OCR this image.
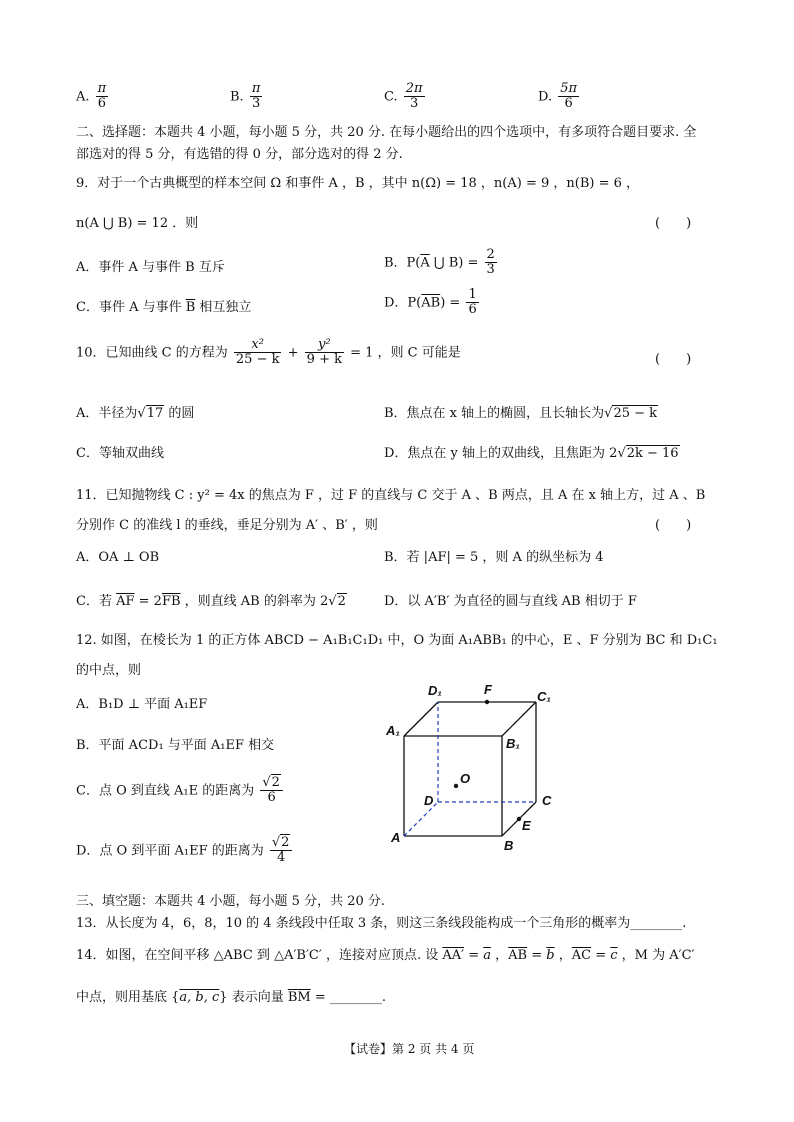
A. $\frac{\pi}{6}$	B. $\frac{\pi}{3}$	C. $\frac{2\pi}{3}$	D. $\frac{5\pi}{6}$
二、选择题：本题共 4 小题，每小题 5 分，共 20 分. 在每小题给出的四个选项中，有多项符合题目要求. 全
部选对的得 5 分，有选错的得 0 分，部分选对的得 2 分.
9．对于一个古典概型的样本空间 Ω 和事件 A ，B ，其中 n(Ω) = 18 ，n(A) = 9 ，n(B) = 6 ，
n(A ⋃ B) = 12 ．则	(　　)
A．事件 A 与事件 B 互斥	B．$P(\overline{A}$ ⋃ $B) = \frac{2}{3}$
C．事件 A 与事件 $\overline{B}$ 相互独立	D．$P(\overline{AB}) = \frac{1}{6}$
10．已知曲线 C 的方程为 $\frac{\text{x²}}{25 - k} + \frac{\text{y²}}{9 + k} = 1$ ，则 C 可能是	(　　)
A．半径为√17 的圆	B．焦点在 x 轴上的椭圆，且长轴长为√25 − k
C．等轴双曲线	D．焦点在 y 轴上的双曲线，且焦距为 2√2k − 16
11．已知抛物线 C : y² = 4x 的焦点为 F ，过 F 的直线与 C 交于 A 、B 两点，且 A 在 x 轴上方，过 A 、B
分别作 C 的准线 l 的垂线，垂足分别为 A′ 、B′ ，则	(　　)
A．OA ⊥ OB	B．若 |AF| = 5 ，则 A 的纵坐标为 4
C．若 $\overline{AF} = 2\overline{FB}$ ，则直线 AB 的斜率为 2√2	D．以 A′B′ 为直径的圆与直线 AB 相切于 F
12. 如图，在棱长为 1 的正方体 ABCD − A₁B₁C₁D₁ 中，O 为面 A₁ABB₁ 的中心，E 、F 分别为 BC 和 D₁C₁
的中点，则
A．B₁D ⊥ 平面 A₁EF
B．平面 ACD₁ 与平面 A₁EF 相交
C．点 O 到直线 A₁E 的距离为 $\frac{√2}{6}$
D．点 O 到平面 A₁EF 的距离为 $\frac{√2}{4}$
D₁	F	C₁
A₁
B₁
O
D	C
E
A
B
三、填空题：本题共 4 小题，每小题 5 分，共 20 分.
13．从长度为 4，6，8，10 的 4 条线段中任取 3 条，则这三条线段能构成一个三角形的概率为________.
14．如图，在空间平移 △ABC 到 △A′B′C′ ，连接对应顶点. 设 $AA' = \overline{a}$ ，$\overline{AB} = \overline{b}$ ，$\overline{AC} = \overline{c}$ ，M 为 A′C′
中点，则用基底 {a, b, c} 表示向量 $\overline{BM}$ = ________.
【试卷】第 2 页 共 4 页
